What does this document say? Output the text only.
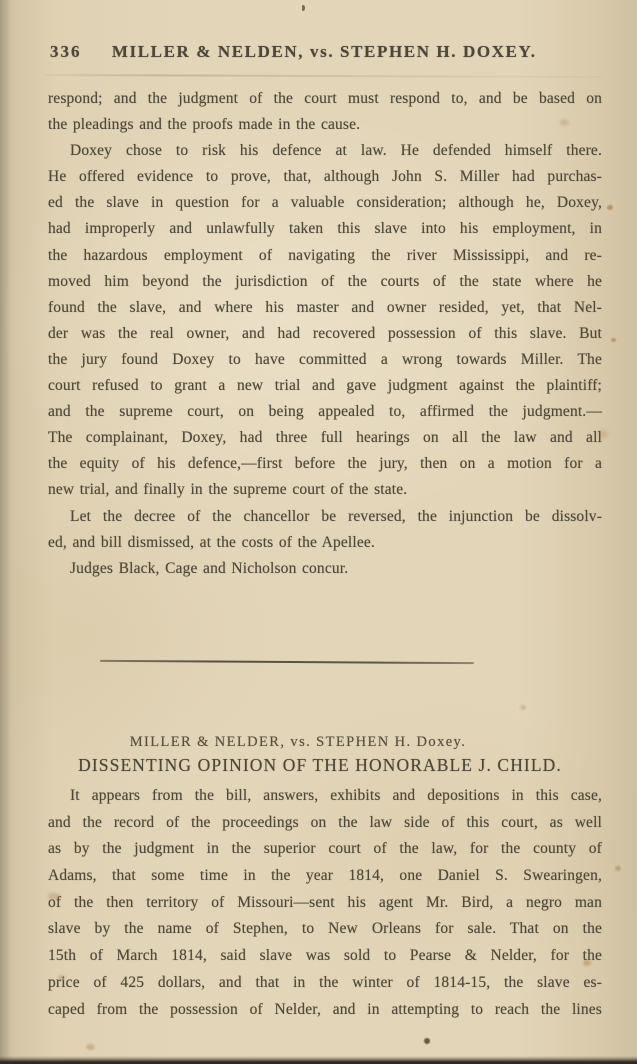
336	MILLER & NELDEN, vs. STEPHEN H. DOXEY.
respond; and the judgment of the court must respond to, and be based on
the pleadings and the proofs made in the cause.
Doxey chose to risk his defence at law. He defended himself there.
He offered evidence to prove, that, although John S. Miller had purchas-
ed the slave in question for a valuable consideration; although he, Doxey,
had improperly and unlawfully taken this slave into his employment, in
the hazardous employment of navigating the river Mississippi, and re-
moved him beyond the jurisdiction of the courts of the state where he
found the slave, and where his master and owner resided, yet, that Nel-
der was the real owner, and had recovered possession of this slave. But
the jury found Doxey to have committed a wrong towards Miller. The
court refused to grant a new trial and gave judgment against the plaintiff;
and the supreme court, on being appealed to, affirmed the judgment.—
The complainant, Doxey, had three full hearings on all the law and all
the equity of his defence,—first before the jury, then on a motion for a
new trial, and finally in the supreme court of the state.
Let the decree of the chancellor be reversed, the injunction be dissolv-
ed, and bill dismissed, at the costs of the Apellee.
Judges Black, Cage and Nicholson concur.
MILLER & NELDER, vs. STEPHEN H. Doxey.
DISSENTING OPINION OF THE HONORABLE J. CHILD.
It appears from the bill, answers, exhibits and depositions in this case,
and the record of the proceedings on the law side of this court, as well
as by the judgment in the superior court of the law, for the county of
Adams, that some time in the year 1814, one Daniel S. Swearingen,
of the then territory of Missouri—sent his agent Mr. Bird, a negro man
slave by the name of Stephen, to New Orleans for sale. That on the
15th of March 1814, said slave was sold to Pearse & Nelder, for the
price of 425 dollars, and that in the winter of 1814-15, the slave es-
caped from the possession of Nelder, and in attempting to reach the lines
